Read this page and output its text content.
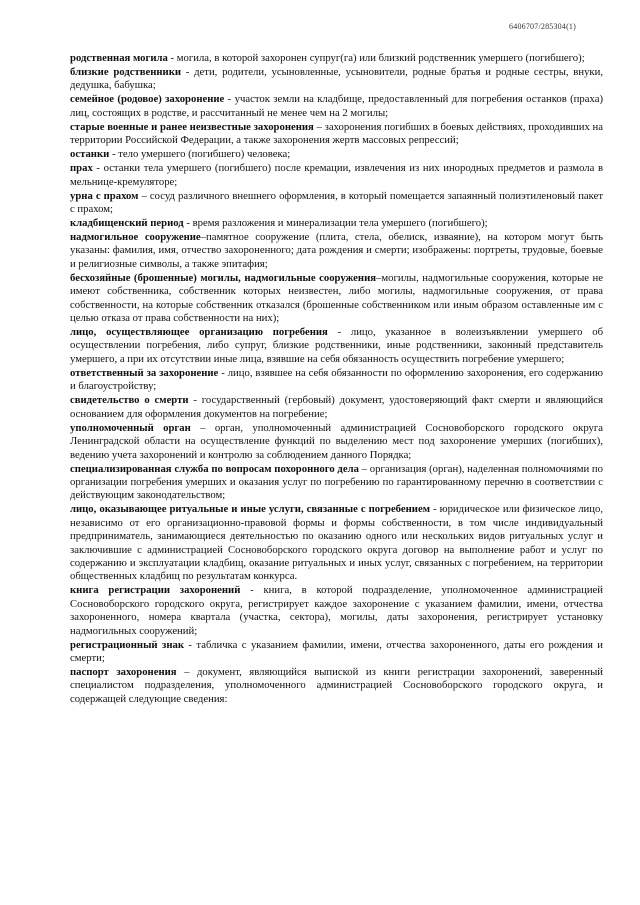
6406707/285304(1)

родственная могила - могила, в которой захоронен супруг(га) или близкий родственник умершего (погибшего);

близкие родственники - дети, родители, усыновленные, усыновители, родные братья и родные сестры, внуки, дедушка, бабушка;

семейное (родовое) захоронение - участок земли на кладбище, предоставленный для погребения останков (праха) лиц, состоящих в родстве, и рассчитанный не менее чем на 2 могилы;

старые военные и ранее неизвестные захоронения – захоронения погибших в боевых действиях, проходивших на территории Российской Федерации, а также захоронения жертв массовых репрессий;

останки - тело умершего (погибшего) человека;

прах - останки тела умершего (погибшего) после кремации, извлечения из них инородных предметов и размола в мельнице-кремуляторе;

урна с прахом – сосуд различного внешнего оформления, в который помещается запаянный полиэтиленовый пакет с прахом;

кладбищенский период - время разложения и минерализации тела умершего (погибшего);

надмогильное сооружение–памятное сооружение (плита, стела, обелиск, изваяние), на котором могут быть указаны: фамилия, имя, отчество захороненного; дата рождения и смерти; изображены: портреты, трудовые, боевые и религиозные символы, а также эпитафия;

бесхозяйные (брошенные) могилы, надмогильные сооружения–могилы, надмогильные сооружения, которые не имеют собственника, собственник которых неизвестен, либо могилы, надмогильные сооружения, от права собственности, на которые собственник отказался (брошенные собственником или иным образом оставленные им с целью отказа от права собственности на них);

лицо, осуществляющее организацию погребения - лицо, указанное в волеизъявлении умершего об осуществлении погребения, либо супруг, близкие родственники, иные родственники, законный представитель умершего, а при их отсутствии иные лица, взявшие на себя обязанность осуществить погребение умершего;

ответственный за захоронение - лицо, взявшее на себя обязанности по оформлению захоронения, его содержанию и благоустройству;

свидетельство о смерти - государственный (гербовый) документ, удостоверяющий факт смерти и являющийся основанием для оформления документов на погребение;

уполномоченный орган – орган, уполномоченный администрацией Сосновоборского городского округа Ленинградской области на осуществление функций по выделению мест под захоронение умерших (погибших), ведению учета захоронений и контролю за соблюдением данного Порядка;

специализированная служба по вопросам похоронного дела – организация (орган), наделенная полномочиями по организации погребения умерших и оказания услуг по погребению по гарантированному перечню в соответствии с действующим законодательством;

лицо, оказывающее ритуальные и иные услуги, связанные с погребением - юридическое или физическое лицо, независимо от его организационно-правовой формы и формы собственности, в том числе индивидуальный предприниматель, занимающиеся деятельностью по оказанию одного или нескольких видов ритуальных услуг и заключившие с администрацией Сосновоборского городского округа договор на выполнение работ и услуг по содержанию и эксплуатации кладбищ, оказание ритуальных и иных услуг, связанных с погребением, на территории общественных кладбищ по результатам конкурса.

книга регистрации захоронений - книга, в которой подразделение, уполномоченное администрацией Сосновоборского городского округа, регистрирует каждое захоронение с указанием фамилии, имени, отчества захороненного, номера квартала (участка, сектора), могилы, даты захоронения, регистрирует установку надмогильных сооружений;

регистрационный знак - табличка с указанием фамилии, имени, отчества захороненного, даты его рождения и смерти;

паспорт захоронения – документ, являющийся выпиской из книги регистрации захоронений, заверенный специалистом подразделения, уполномоченного администрацией Сосновоборского городского округа, и содержащей следующие сведения:
